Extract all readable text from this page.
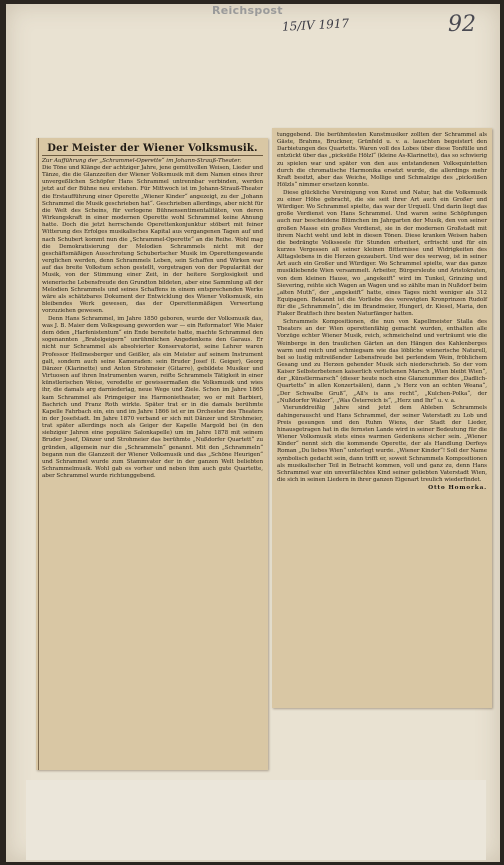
Reichspost
15/IV 1917	92
Der Meister der Wiener Volksmusik.
Zur Aufführung der „Schrammel-Operette“ im Johann-Strauß-Theater.

Die Töne und Klänge der achtziger Jahre, jene gemütvollen Weisen, Lieder und Tänze, die die Glanzzeiten der Wiener Volksmusik mit dem Namen eines ihrer unvergeßlichen Schöpfer Hans Schrammel untrennbar verbinden, werden jetzt auf der Bühne neu erstehen. Für Mittwoch ist im Johann-Strauß-Theater die Erstaufführung einer Operette „Wiener Kinder“ angezeigt, zu der „Johann Schrammel die Musik geschrieben hat“. Geschrieben allerdings, aber nicht für die Welt des Scheins, für verlogene Bühnensentimentalitäten, von deren Wirkungskraft in einer modernen Operette wohl Schrammel keine Ahnung hatte. Doch die jetzt herrschende Operettenkonjunktur stöbert mit feiner Witterung des Erfolges musikalisches Kapital aus vergangenen Tagen auf und nach Schubert kommt nun die „Schrammel-Operette“ an die Reihe. Wohl mag die Demokratisierung der Melodien Schrammels nicht mit der geschäftsmäßigen Ausschrotung Schubertscher Musik im Operettengewande verglichen werden, denn Schrammels Leben, sein Schaffen und Wirken war auf das breite Volkstum schon gestellt, vorgetragen von der Popularität der Musik, von der Stimmung einer Zeit, in der heitere Sorglosigkeit und wienerische Lebensfreude den Grundton bildeten, aber eine Sammlung all der Melodien Schrammels und seines Schaffens in einem entsprechenden Werke wäre als schätzbares Dokument der Entwicklung des Wiener Volksmusik, ein bleibendes Werk gewesen, das der Operettenmäßigen Verwertung vorzuziehen gewesen.

Denn Hans Schrammel, im Jahre 1850 geboren, wurde der Volksmusik das, was J. B. Maier dem Volksgesang geworden war — ein Reformator! Wie Maier dem öden „Harfenistentum“ ein Ende bereitete hatte, machte Schrammel den sogenannten „Bratelgeigern“ unrühmlichen Angedenkens den Garaus. Er nicht nur Schrammel als absolvierter Konservatorist, seine Lehrer waren Professor Hellmesberger und Geißler, als ein Meister auf seinem Instrument galt, sondern auch seine Kameraden: sein Bruder Josef (I. Geiger), Georg Dänzer (Klarinette) und Anton Strohmeier (Gitarre), gebildete Musiker und Virtuosen auf ihren Instrumenten waren, reifte Schrammels Tätigkeit in einer künstlerischen Weise, veredelte er gewissermaßen die Volksmusik und wies ihr, die damals arg darniederlag, neue Wege und Ziele. Schon im Jahre 1865 kam Schrammel als Primgeiger ins Harmonietheater, wo er mit Barbieri, Bachrich und Franz Roth wirkte. Später trat er in die damals berühmte Kapelle Fahrbach ein, ein und im Jahre 1866 ist er im Orchester des Theaters in der Josefstadt. Im Jahre 1870 verband er sich mit Dänzer und Strohmeier, trat später allerdings noch als Geiger der Kapelle Margold bei (in den siebziger Jahren eine populäre Salonkapelle) um im Jahre 1878 mit seinem Bruder Josef, Dänzer und Strohmeier das berühmte „Nußdorfer Quartett“ zu gründen, allgemein nur die „Schrammeln“ genannt. Mit den „Schrammeln“ begann nun die Glanzzeit der Wiener Volksmusik und das „Schöne Heurigen“ und Schrammel wurde zum Stammvater der in der ganzen Welt beliebten Schrammelmusik. Wohl gab es vorher und neben ihm auch gute Quartette, aber Schrammel wurde richtunggebend.

tunggebend. Die berühmtesten Kunstmusiker zollten der Schrammel als Gäste, Brahms, Bruckner, Grünfeld u. v. a. lauschten begeistert den Darbietungen des Quartetts. Waren voll des Lobes über diese Tonfülle und entzückt über das „picksüße Hölzl“ (kleine As-Klarinette), das so schwierig zu spielen war und später von den aus entstandenen Volksquintetten durch die chromatische Harmonika ersetzt wurde, die allerdings mehr Kraft besitzt, aber das Weiche, Mollige und Schmalzige des „picksüßen Hölzls“ nimmer ersetzen konnte.

Diese glückliche Vereinigung von Kunst und Natur, hat die Volksmusik zu einer Höhe gebracht, die sie seit ihrer Art auch ein Großer und Würdiger. Wo Schrammel spielte, das war der Urquell. Und darin liegt das große Verdienst von Hans Schrammel. Und waren seine Schöpfungen auch nur bescheidene Blümchen im Jahrgarten der Musik, den von seiner großen Masse ein großes Verdienst, sie in der modernen Großstadt mit ihrem Nacht weht und lebt in diesen Tönen. Diese kranken Weisen haben die bedrängte Volksseele für Stunden erheitert, erfrischt und für ein kurzes Vergessen all seiner kleinen Bitternisse und Widrigkeiten des Alltagslebens in die Herzen gezaubert. Und wer des werweg, ist in seiner Art auch ein Großer und Würdiger. Wo Schrammel spielte, war das ganze musikliebende Wien versammelt. Arbeiter, Bürgersleute und Aristokraten, von dem kleinen Hause, wo „angekeift“ wird im Tunkel, Grinzing und Sievering, reihte sich Wagen an Wagen und so zählte man in Nußdorf beim „alten Muth“, der „angekeift“ hatte, eines Tages nicht weniger als 312 Equipagen. Bekannt ist die Vorliebe des verewigten Kronprinzen Rudolf für die „Schrammeln“, die im Brandmeier, Hungerl, dr. Kiesel, Maria, den Fiaker Bratfisch ihre besten Naturfänger hatten.

Schrammels Kompositionen, die nun von Kapellmeister Stalla des Theaters an der Wien operettenfähig gemacht wurden, enthalten alle Vorzüge echter Wiener Musik, reich, schmeichelnd und verträumt wie die Weinberge in den traulichen Gärten an den Hängen des Kahlenberges warm und reich und schmiegsam wie das löbliche wienerische Naturell, bei so lustig mitreißender Lebensfreude bei perlendem Wein, fröhlichem Gesang und zu Herzen gehender Musik sich niederschrieb. So der vom Kaiser Selbsterbetenen kaiserlich verliehenen Marsch „Wien bleibt Wien“, der „Künstlermarsch“ (dieser heute noch eine Glanznummer des „Dadlich-Quartetts“ in allen Konzertsälen), dann „'s Herz von an echten Weana“, „Der Schwalbe Gruß“, „All's is ans recht“, „Kulchen-Polka“, der „Nußdorfer Walzer“, „Was Österreich is“, „Herz und Ihr“ u. v. a.

Vierunddreißig Jahre sind jetzt dem Ableben Schrammels dahingerauscht und Hans Schrammel, der seiner Vaterstadt zu Lob und Preis gesungen und den Ruhm Wiens, der Stadt der Lieder, hinausgetragen hat in die fernsten Lande wird in seiner Bedeutung für die Wiener Volksmusik stets eines warmen Gedenkens sicher sein. „Wiener Kinder“ nennt sich die kommende Operette, der als Handlung Derfeys Roman „Du liebes Wien“ unterlegt wurde. „Wiener Kinder“! Soll der Name symbolisch gedacht sein, dann trifft er, soweit Schrammels Kompositionen als musikalischer Teil in Betracht kommen, voll und ganz zu, denn Hans Schrammel war ein unverfälschtes Kind seiner geliebten Vaterstadt Wien, die sich in seinen Liedern in ihrer ganzen Eigenart treulich wiederfindet.

Otto Homorka.
